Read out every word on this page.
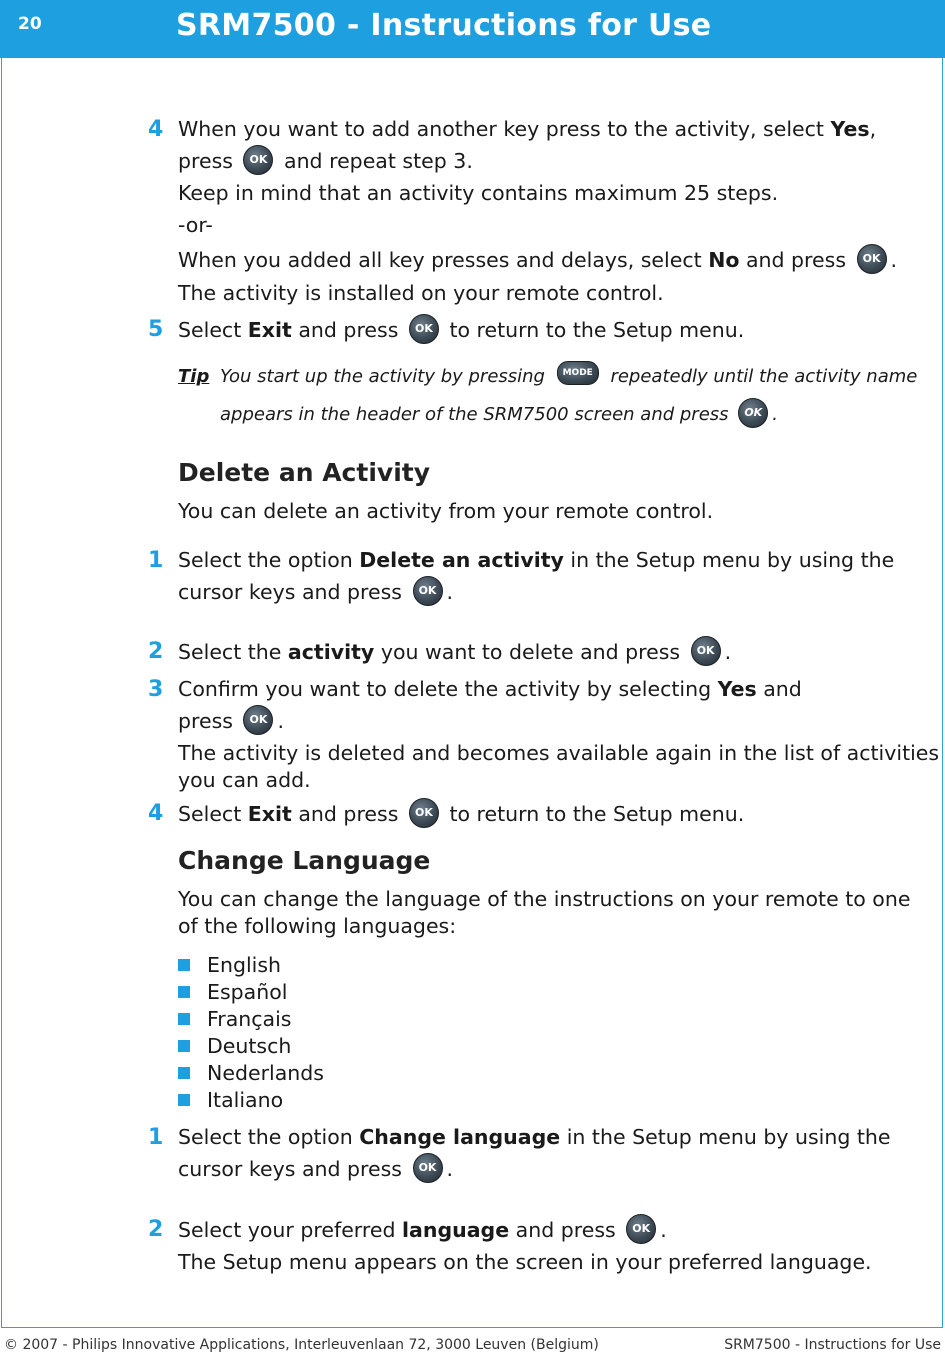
20	SRM7500 - Instructions for Use
4 When you want to add another key press to the activity, select Yes,
press OK and repeat step 3.
Keep in mind that an activity contains maximum 25 steps.
-or-
When you added all key presses and delays, select No and press OK .
The activity is installed on your remote control.
5 Select Exit and press OK to return to the Setup menu.
Tip You start up the activity by pressing MODE repeatedly until the activity name
appears in the header of the SRM7500 screen and press OK .
Delete an Activity
You can delete an activity from your remote control.
1 Select the option Delete an activity in the Setup menu by using the
cursor keys and press OK .
2 Select the activity you want to delete and press OK .
3 Confirm you want to delete the activity by selecting Yes and
press OK .
The activity is deleted and becomes available again in the list of activities
you can add.
4 Select Exit and press OK to return to the Setup menu.
Change Language
You can change the language of the instructions on your remote to one
of the following languages:
English
Español
Français
Deutsch
Nederlands
Italiano
1 Select the option Change language in the Setup menu by using the
cursor keys and press OK .
2 Select your preferred language and press OK .
The Setup menu appears on the screen in your preferred language.
© 2007 - Philips Innovative Applications, Interleuvenlaan 72, 3000 Leuven (Belgium)	SRM7500 - Instructions for Use
